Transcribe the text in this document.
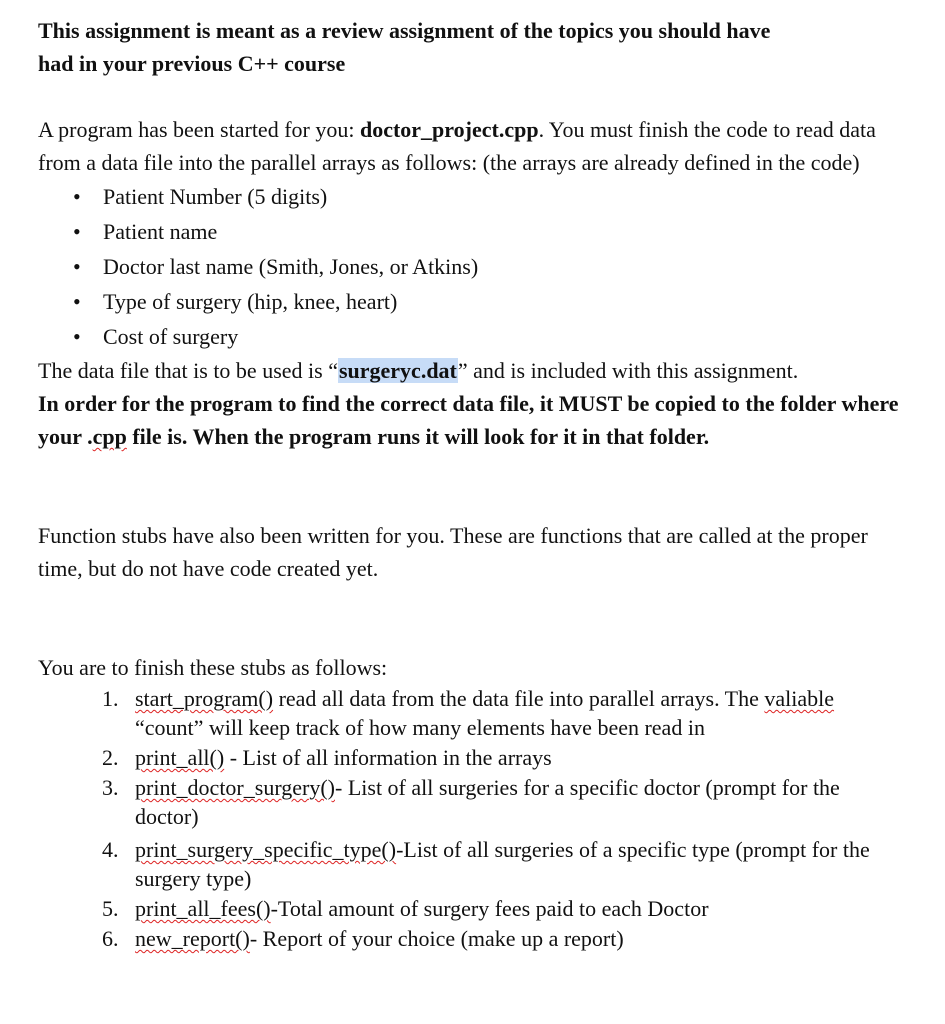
This assignment is meant as a review assignment of the topics you should have
had in your previous C++ course

A program has been started for you: doctor_project.cpp. You must finish the code to read data from a data file into the parallel arrays as follows: (the arrays are already defined in the code)

• Patient Number (5 digits)
• Patient name
• Doctor last name (Smith, Jones, or Atkins)
• Type of surgery (hip, knee, heart)
• Cost of surgery

The data file that is to be used is “surgeryc.dat” and is included with this assignment.

In order for the program to find the correct data file, it MUST be copied to the folder where your .cpp file is. When the program runs it will look for it in that folder.

Function stubs have also been written for you. These are functions that are called at the proper time, but do not have code created yet.

You are to finish these stubs as follows:

1. start_program() read all data from the data file into parallel arrays. The valiable “count” will keep track of how many elements have been read in
2. print_all() - List of all information in the arrays
3. print_doctor_surgery()- List of all surgeries for a specific doctor (prompt for the doctor)
4. print_surgery_specific_type()-List of all surgeries of a specific type (prompt for the surgery type)
5. print_all_fees()-Total amount of surgery fees paid to each Doctor
6. new_report()- Report of your choice (make up a report)
